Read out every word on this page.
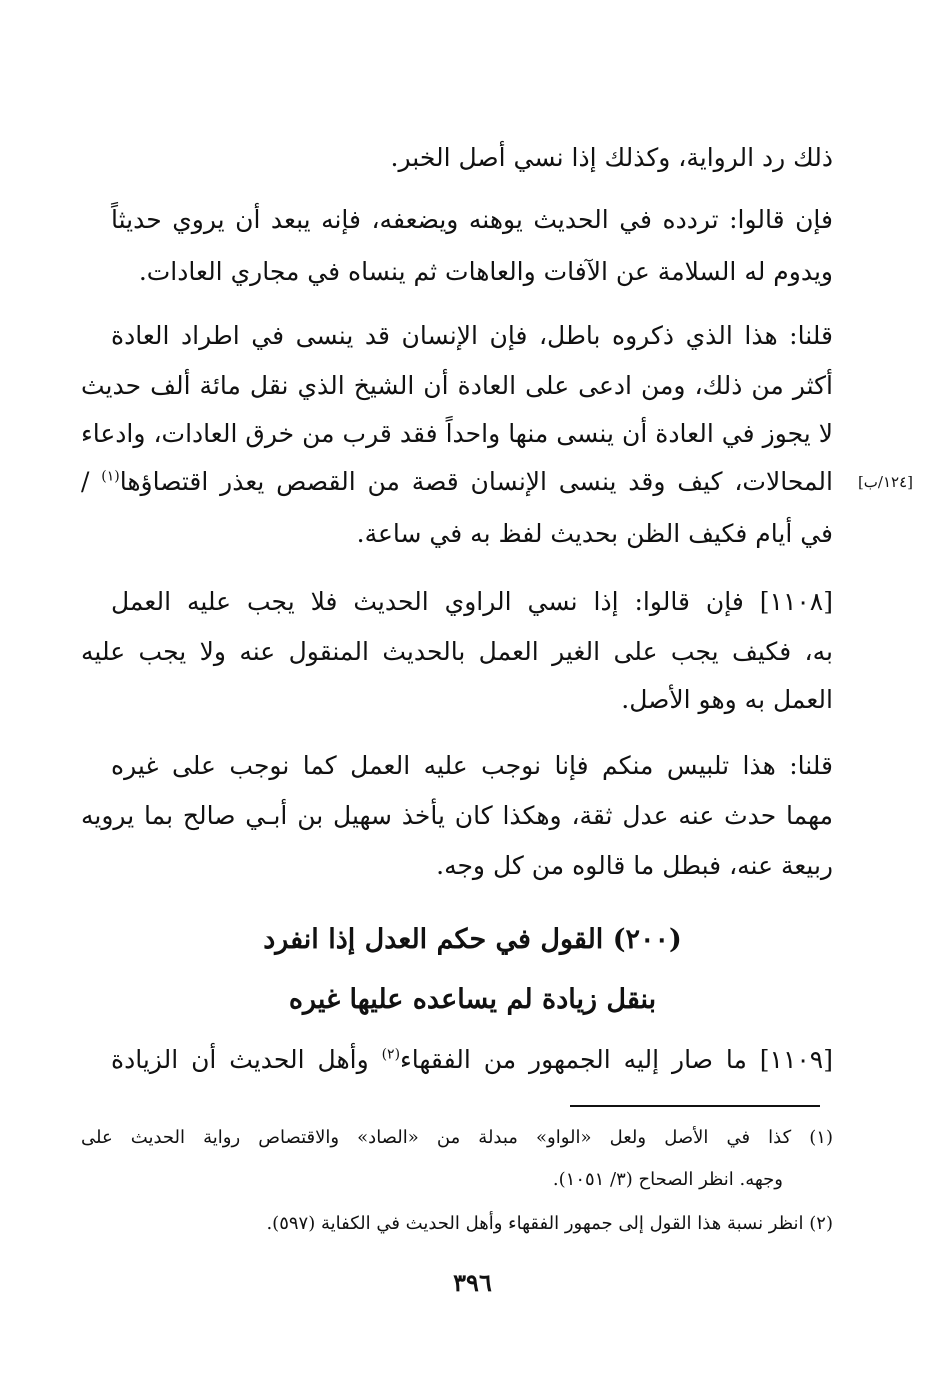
ذلك رد الرواية، وكذلك إذا نسي أصل الخبر.
فإن قالوا: تردده في الحديث يوهنه ويضعفه، فإنه يبعد أن يروي حديثاً
ويدوم له السلامة عن الآفات والعاهات ثم ينساه في مجاري العادات.
قلنا: هذا الذي ذكروه باطل، فإن الإنسان قد ينسى في اطراد العادة
أكثر من ذلك، ومن ادعى على العادة أن الشيخ الذي نقل مائة ألف حديث
لا يجوز في العادة أن ينسى منها واحداً فقد قرب من خرق العادات، وادعاء
المحالات، كيف وقد ينسى الإنسان قصة من القصص يعذر اقتصاؤها$^{(١)}$ /	[١٢٤/ب]
في أيام فكيف الظن بحديث لفظ به في ساعة.
[١١٠٨] فإن قالوا: إذا نسي الراوي الحديث فلا يجب عليه العمل
به، فكيف يجب على الغير العمل بالحديث المنقول عنه ولا يجب عليه
العمل به وهو الأصل.
قلنا: هذا تلبيس منكم فإنا نوجب عليه العمل كما نوجب على غيره
مهما حدث عنه عدل ثقة، وهكذا كان يأخذ سهيل بن أبـي صالح بما يرويه
ربيعة عنه، فبطل ما قالوه من كل وجه.
(٢٠٠) القول في حكم العدل إذا انفرد
بنقل زيادة لم يساعده عليها غيره
[١١٠٩] ما صار إليه الجمهور من الفقهاء$^{(٢)}$ وأهل الحديث أن الزيادة
(١) كذا في الأصل ولعل «الواو» مبدلة من «الصاد» والاقتصاص رواية الحديث على
وجهه. انظر الصحاح (٣/ ١٠٥١).
(٢) انظر نسبة هذا القول إلى جمهور الفقهاء وأهل الحديث في الكفاية (٥٩٧).
٣٩٦
